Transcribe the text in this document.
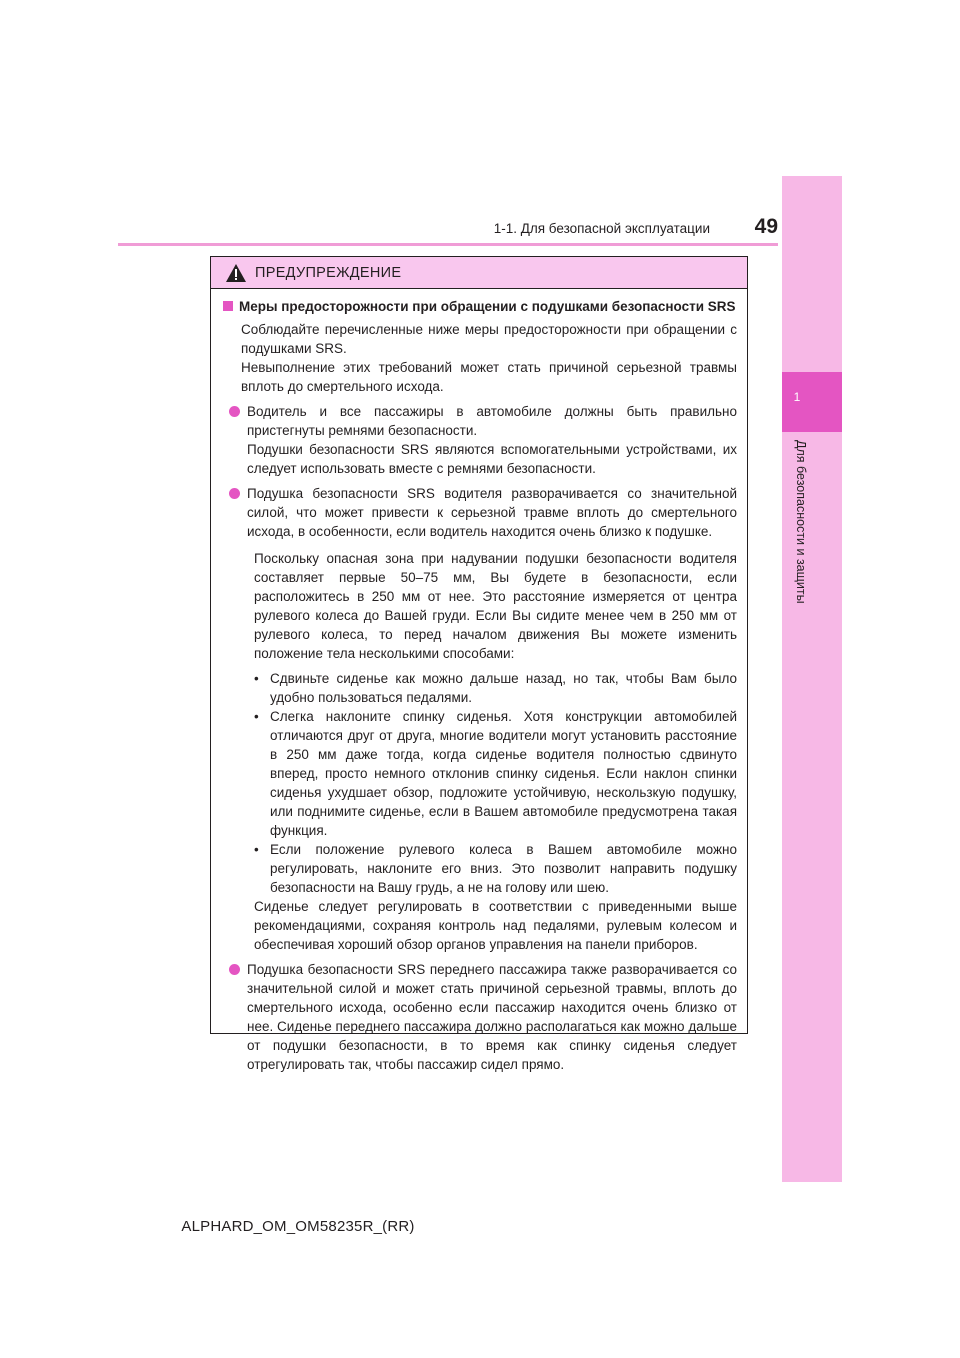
1-1. Для безопасной эксплуатации	49
1
Для безопасности и защиты
ПРЕДУПРЕЖДЕНИЕ
Меры предосторожности при обращении с подушками безопасности SRS
Соблюдайте перечисленные ниже меры предосторожности при обращении с подушками SRS.
Невыполнение этих требований может стать причиной серьезной травмы вплоть до смертельного исхода.
Водитель и все пассажиры в автомобиле должны быть правильно пристегнуты ремнями безопасности.
Подушки безопасности SRS являются вспомогательными устройствами, их следует использовать вместе с ремнями безопасности.
Подушка безопасности SRS водителя разворачивается со значительной силой, что может привести к серьезной травме вплоть до смертельного исхода, в особенности, если водитель находится очень близко к подушке.
Поскольку опасная зона при надувании подушки безопасности водителя составляет первые 50–75 мм, Вы будете в безопасности, если расположитесь в 250 мм от нее. Это расстояние измеряется от центра рулевого колеса до Вашей груди. Если Вы сидите менее чем в 250 мм от рулевого колеса, то перед началом движения Вы можете изменить положение тела несколькими способами:
• Сдвиньте сиденье как можно дальше назад, но так, чтобы Вам было удобно пользоваться педалями.
• Слегка наклоните спинку сиденья. Хотя конструкции автомобилей отличаются друг от друга, многие водители могут установить расстояние в 250 мм даже тогда, когда сиденье водителя полностью сдвинуто вперед, просто немного отклонив спинку сиденья. Если наклон спинки сиденья ухудшает обзор, подложите устойчивую, нескользкую подушку, или поднимите сиденье, если в Вашем автомобиле предусмотрена такая функция.
• Если положение рулевого колеса в Вашем автомобиле можно регулировать, наклоните его вниз. Это позволит направить подушку безопасности на Вашу грудь, а не на голову или шею.
Сиденье следует регулировать в соответствии с приведенными выше рекомендациями, сохраняя контроль над педалями, рулевым колесом и обеспечивая хороший обзор органов управления на панели приборов.
Подушка безопасности SRS переднего пассажира также разворачивается со значительной силой и может стать причиной серьезной травмы, вплоть до смертельного исхода, особенно если пассажир находится очень близко от нее. Сиденье переднего пассажира должно располагаться как можно дальше от подушки безопасности, в то время как спинку сиденья следует отрегулировать так, чтобы пассажир сидел прямо.
ALPHARD_OM_OM58235R_(RR)
